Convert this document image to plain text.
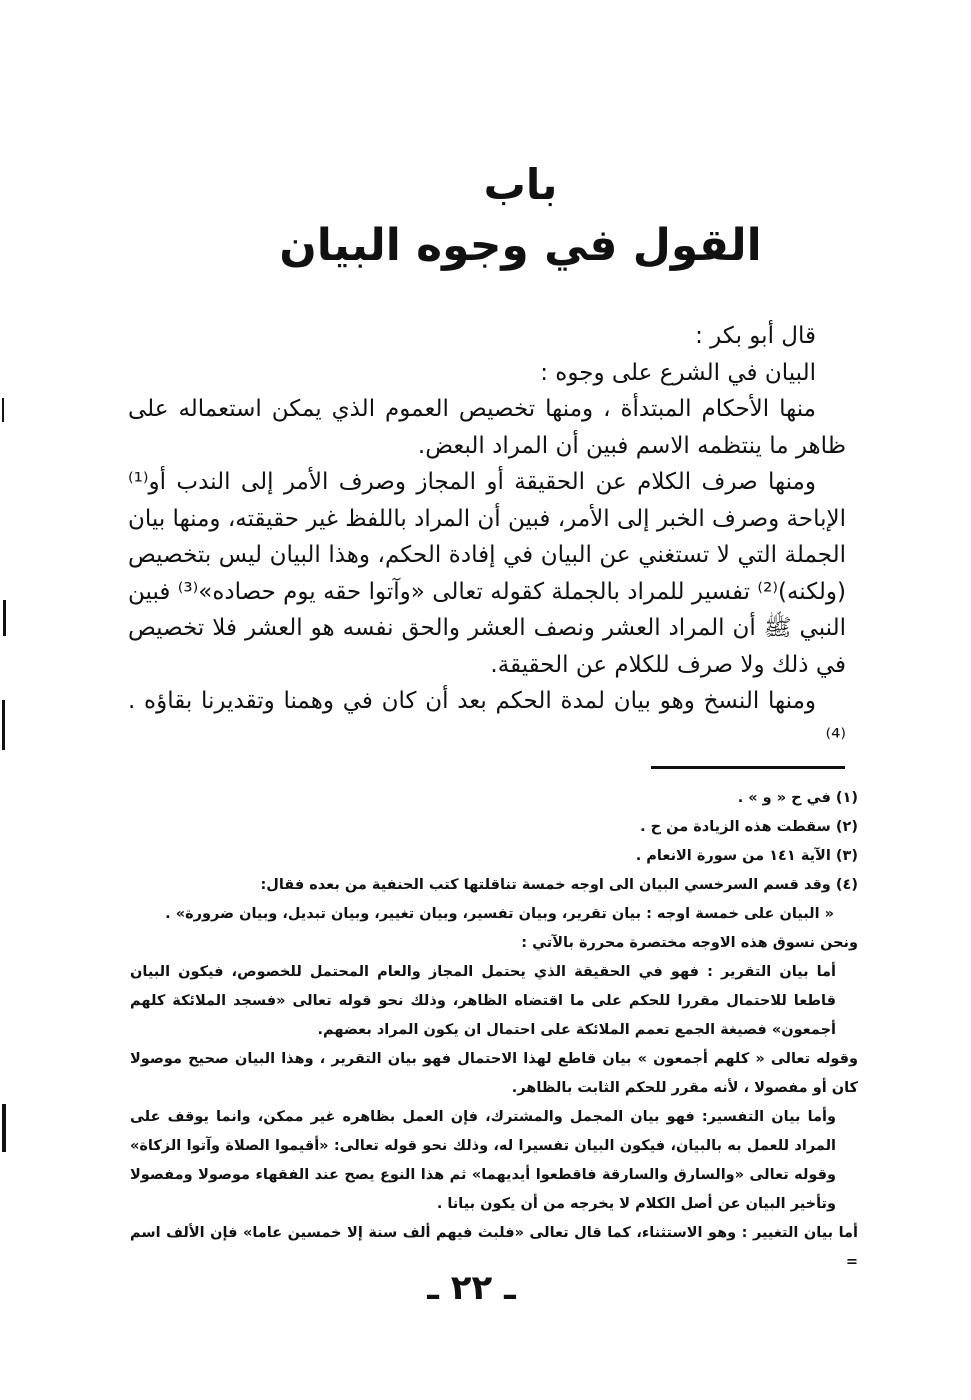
باب
القول في وجوه البيان

قال أبو بكر :

البيان في الشرع على وجوه :

منها الأحكام المبتدأة ، ومنها تخصيص العموم الذي يمكن استعماله على ظاهر ما ينتظمه الاسم فبين أن المراد البعض.

ومنها صرف الكلام عن الحقيقة أو المجاز وصرف الأمر إلى الندب أو⁽¹⁾ الإباحة وصرف الخبر إلى الأمر، فبين أن المراد باللفظ غير حقيقته، ومنها بيان الجملة التي لا تستغني عن البيان في إفادة الحكم، وهذا البيان ليس بتخصيص (ولكنه)⁽²⁾ تفسير للمراد بالجملة كقوله تعالى «وآتوا حقه يوم حصاده»⁽³⁾ فبين النبي ﷺ أن المراد العشر ونصف العشر والحق نفسه هو العشر فلا تخصيص في ذلك ولا صرف للكلام عن الحقيقة.

ومنها النسخ وهو بيان لمدة الحكم بعد أن كان في وهمنا وتقديرنا بقاؤه .⁽⁴⁾

(١) في ح « و » .

(٢) سقطت هذه الزيادة من ح .

(٣) الآية ١٤١ من سورة الانعام .

(٤) وقد قسم السرخسي البيان الى اوجه خمسة تناقلتها كتب الحنفية من بعده فقال:

« البيان على خمسة اوجه : بيان تقرير، وبيان تفسير، وبيان تغيير، وبيان تبديل، وبيان ضرورة» .

ونحن نسوق هذه الاوجه مختصرة محررة بالآتي :

أما بيان التقرير : فهو في الحقيقة الذي يحتمل المجاز والعام المحتمل للخصوص، فيكون البيان قاطعا للاحتمال مقررا للحكم على ما اقتضاه الظاهر، وذلك نحو قوله تعالى «فسجد الملائكة كلهم أجمعون» فصيغة الجمع تعمم الملائكة على احتمال ان يكون المراد بعضهم.

وقوله تعالى « كلهم أجمعون » بيان قاطع لهذا الاحتمال فهو بيان التقرير ، وهذا البيان صحيح موصولا كان أو مفصولا ، لأنه مقرر للحكم الثابت بالظاهر.

وأما بيان التفسير: فهو بيان المجمل والمشترك، فإن العمل بظاهره غير ممكن، وانما يوقف على المراد للعمل به بالبيان، فيكون البيان تفسيرا له، وذلك نحو قوله تعالى: «أقيموا الصلاة وآتوا الزكاة» وقوله تعالى «والسارق والسارقة فاقطعوا أيديهما» ثم هذا النوع يصح عند الفقهاء موصولا ومفصولا وتأخير البيان عن أصل الكلام لا يخرجه من أن يكون بيانا .

أما بيان التغيير : وهو الاستثناء، كما قال تعالى «فلبث فيهم ألف سنة إلا خمسين عاما» فإن الألف اسم =

ـ ٢٢ ـ
